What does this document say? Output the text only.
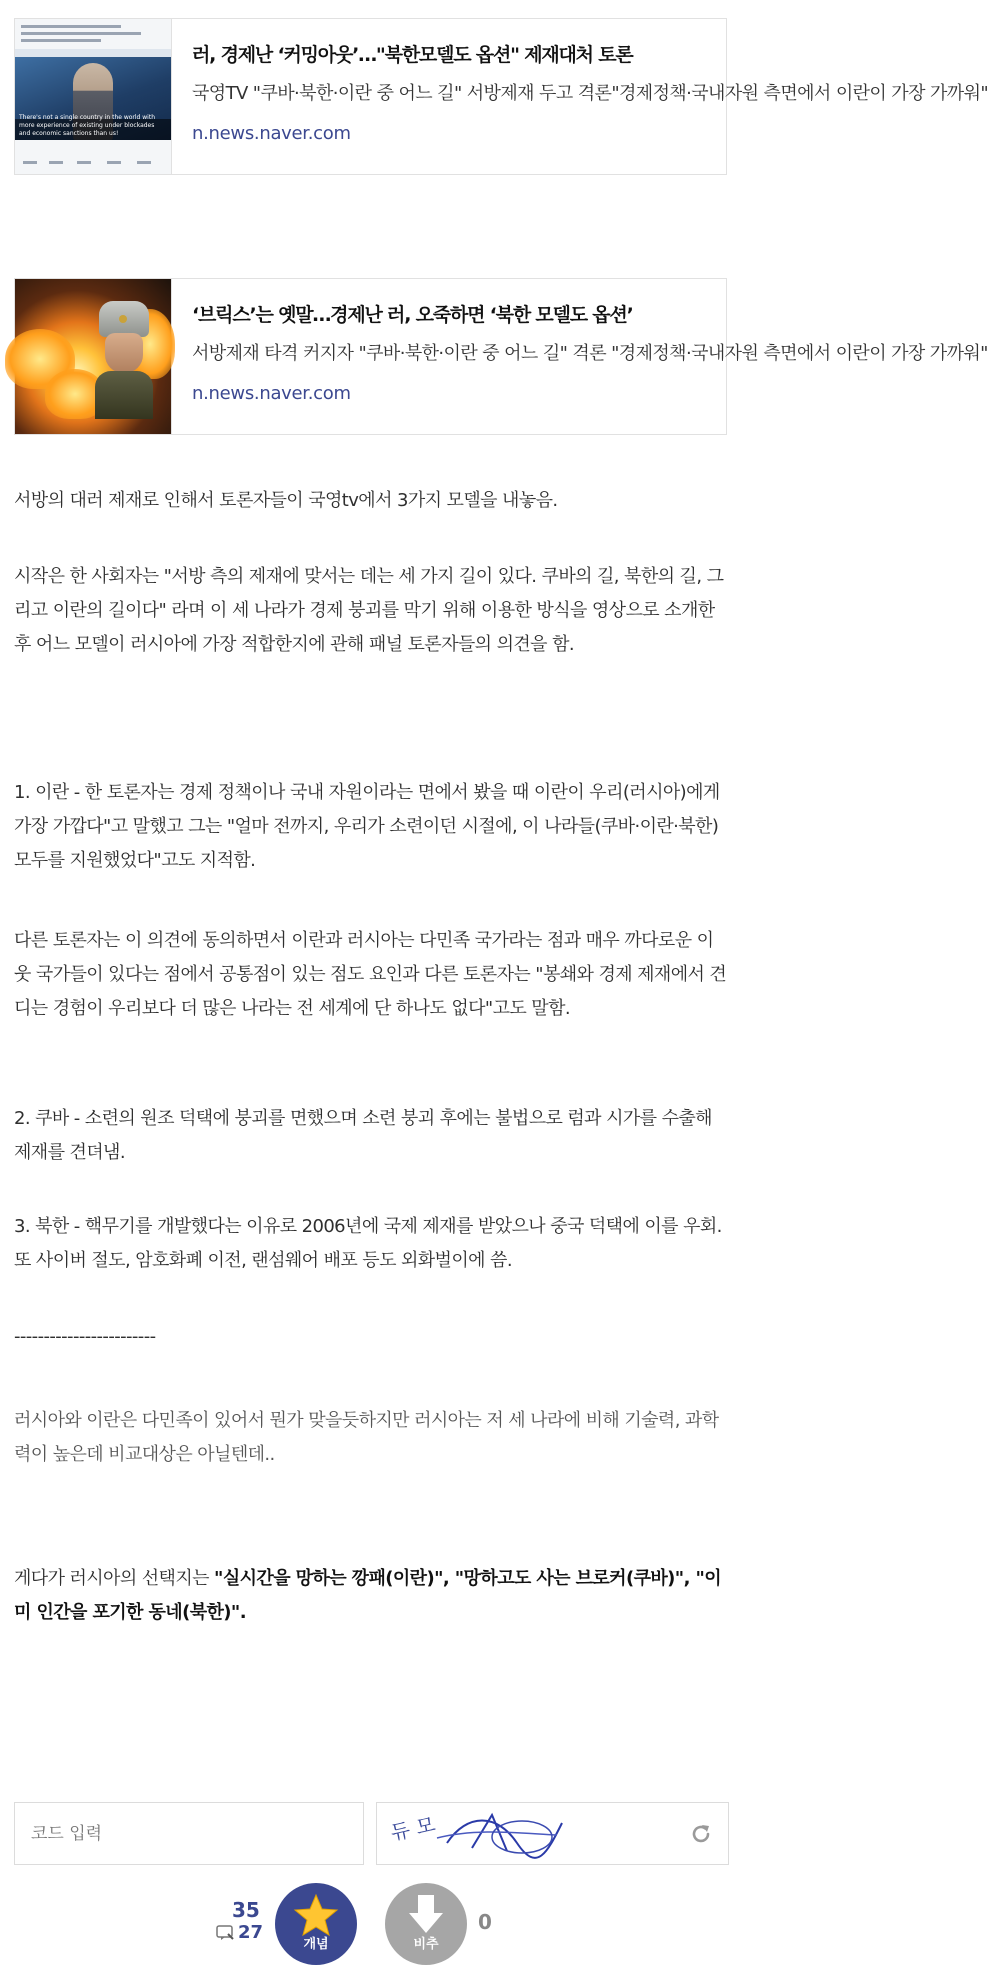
There's not a single country in the world with more experience of existing under blockades and economic sanctions than us!
러, 경제난 ‘커밍아웃’…"북한모델도 옵션" 제재대처 토론
국영TV "쿠바·북한·이란 중 어느 길" 서방제재 두고 격론"경제정책·국내자원 측면에서 이란이 가장 가까워"
n.news.naver.com
‘브릭스’는 옛말…경제난 러, 오죽하면 ‘북한 모델도 옵션’
서방제재 타격 커지자 "쿠바·북한·이란 중 어느 길" 격론 "경제정책·국내자원 측면에서 이란이 가장 가까워"
n.news.naver.com

서방의 대러 제재로 인해서 토론자들이 국영tv에서 3가지 모델을 내놓음.

시작은 한 사회자는 "서방 측의 제재에 맞서는 데는 세 가지 길이 있다. 쿠바의 길, 북한의 길, 그리고 이란의 길이다" 라며 이 세 나라가 경제 붕괴를 막기 위해 이용한 방식을 영상으로 소개한 후 어느 모델이 러시아에 가장 적합한지에 관해 패널 토론자들의 의견을 함.

1. 이란 - 한 토론자는 경제 정책이나 국내 자원이라는 면에서 봤을 때 이란이 우리(러시아)에게 가장 가깝다"고 말했고 그는 "얼마 전까지, 우리가 소련이던 시절에, 이 나라들(쿠바·이란·북한) 모두를 지원했었다"고도 지적함.

다른 토론자는 이 의견에 동의하면서 이란과 러시아는 다민족 국가라는 점과 매우 까다로운 이웃 국가들이 있다는 점에서 공통점이 있는 점도 요인과 다른 토론자는 "봉쇄와 경제 제재에서 견디는 경험이 우리보다 더 많은 나라는 전 세계에 단 하나도 없다"고도 말함.

2. 쿠바 - 소련의 원조 덕택에 붕괴를 면했으며 소련 붕괴 후에는 불법으로 럼과 시가를 수출해 제재를 견뎌냄.

3. 북한 - 핵무기를 개발했다는 이유로 2006년에 국제 제재를 받았으나 중국 덕택에 이를 우회. 또 사이버 절도, 암호화폐 이전, 랜섬웨어 배포 등도 외화벌이에 씀.

------------------------

러시아와 이란은 다민족이 있어서 뭔가 맞을듯하지만 러시아는 저 세 나라에 비해 기술력, 과학력이 높은데 비교대상은 아닐텐데..

게다가 러시아의 선택지는 "실시간을 망하는 깡패(이란)", "망하고도 사는 브로커(쿠바)", "이미 인간을 포기한 동네(북한)".

코드 입력
듀 모
35
27
개념	비추
0
